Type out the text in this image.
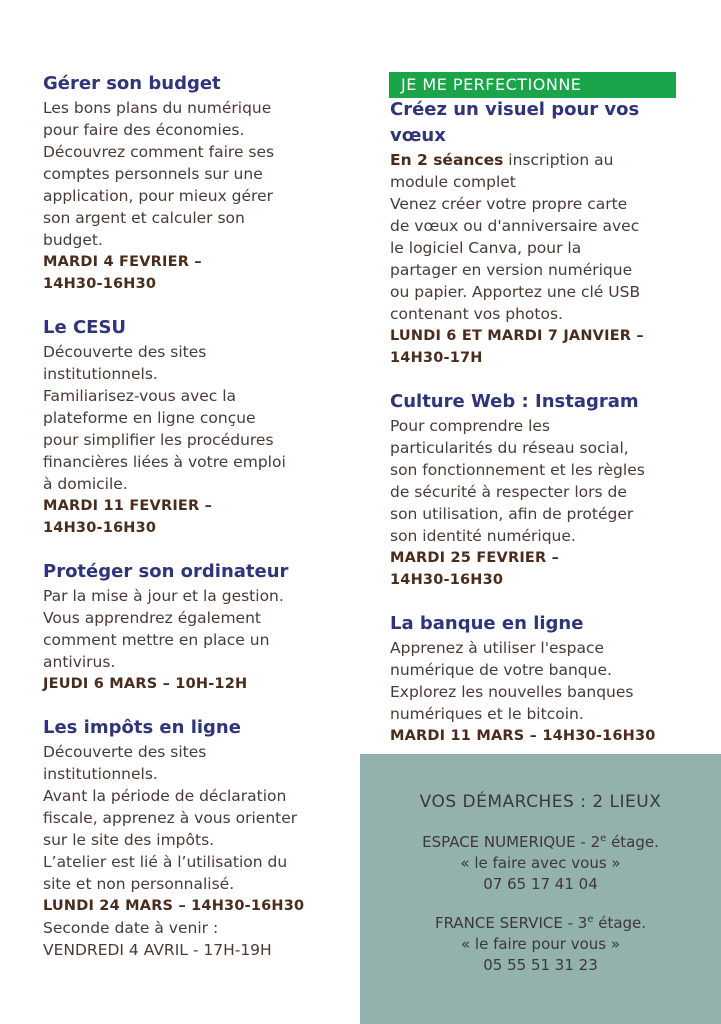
Gérer son budget

Les bons plans du numérique

pour faire des économies.

Découvrez comment faire ses

comptes personnels sur une

application, pour mieux gérer

son argent et calculer son

budget.

MARDI 4 FEVRIER –

14H30-16H30

Le CESU

Découverte des sites

institutionnels.

Familiarisez-vous avec la

plateforme en ligne conçue

pour simplifier les procédures

financières liées à votre emploi

à domicile.

MARDI 11 FEVRIER –

14H30-16H30

Protéger son ordinateur

Par la mise à jour et la gestion.

Vous apprendrez également

comment mettre en place un

antivirus.

JEUDI 6 MARS – 10H-12H

Les impôts en ligne

Découverte des sites

institutionnels.

Avant la période de déclaration

fiscale, apprenez à vous orienter

sur le site des impôts.

L’atelier est lié à l’utilisation du

site et non personnalisé.

LUNDI 24 MARS – 14H30-16H30

Seconde date à venir :

VENDREDI 4 AVRIL - 17H-19H

JE ME PERFECTIONNE

Créez un visuel pour vos

vœux

En 2 séances inscription au

module complet

Venez créer votre propre carte

de vœux ou d'anniversaire avec

le logiciel Canva, pour la

partager en version numérique

ou papier. Apportez une clé USB

contenant vos photos.

LUNDI 6 ET MARDI 7 JANVIER –

14H30-17H

Culture Web : Instagram

Pour comprendre les

particularités du réseau social,

son fonctionnement et les règles

de sécurité à respecter lors de

son utilisation, afin de protéger

son identité numérique.

MARDI 25 FEVRIER –

14H30-16H30

La banque en ligne

Apprenez à utiliser l'espace

numérique de votre banque.

Explorez les nouvelles banques

numériques et le bitcoin.

MARDI 11 MARS – 14H30-16H30

VOS DÉMARCHES : 2 LIEUX
ESPACE NUMERIQUE - 2e étage.
« le faire avec vous »
07 65 17 41 04
FRANCE SERVICE - 3e étage.
« le faire pour vous »
05 55 51 31 23
